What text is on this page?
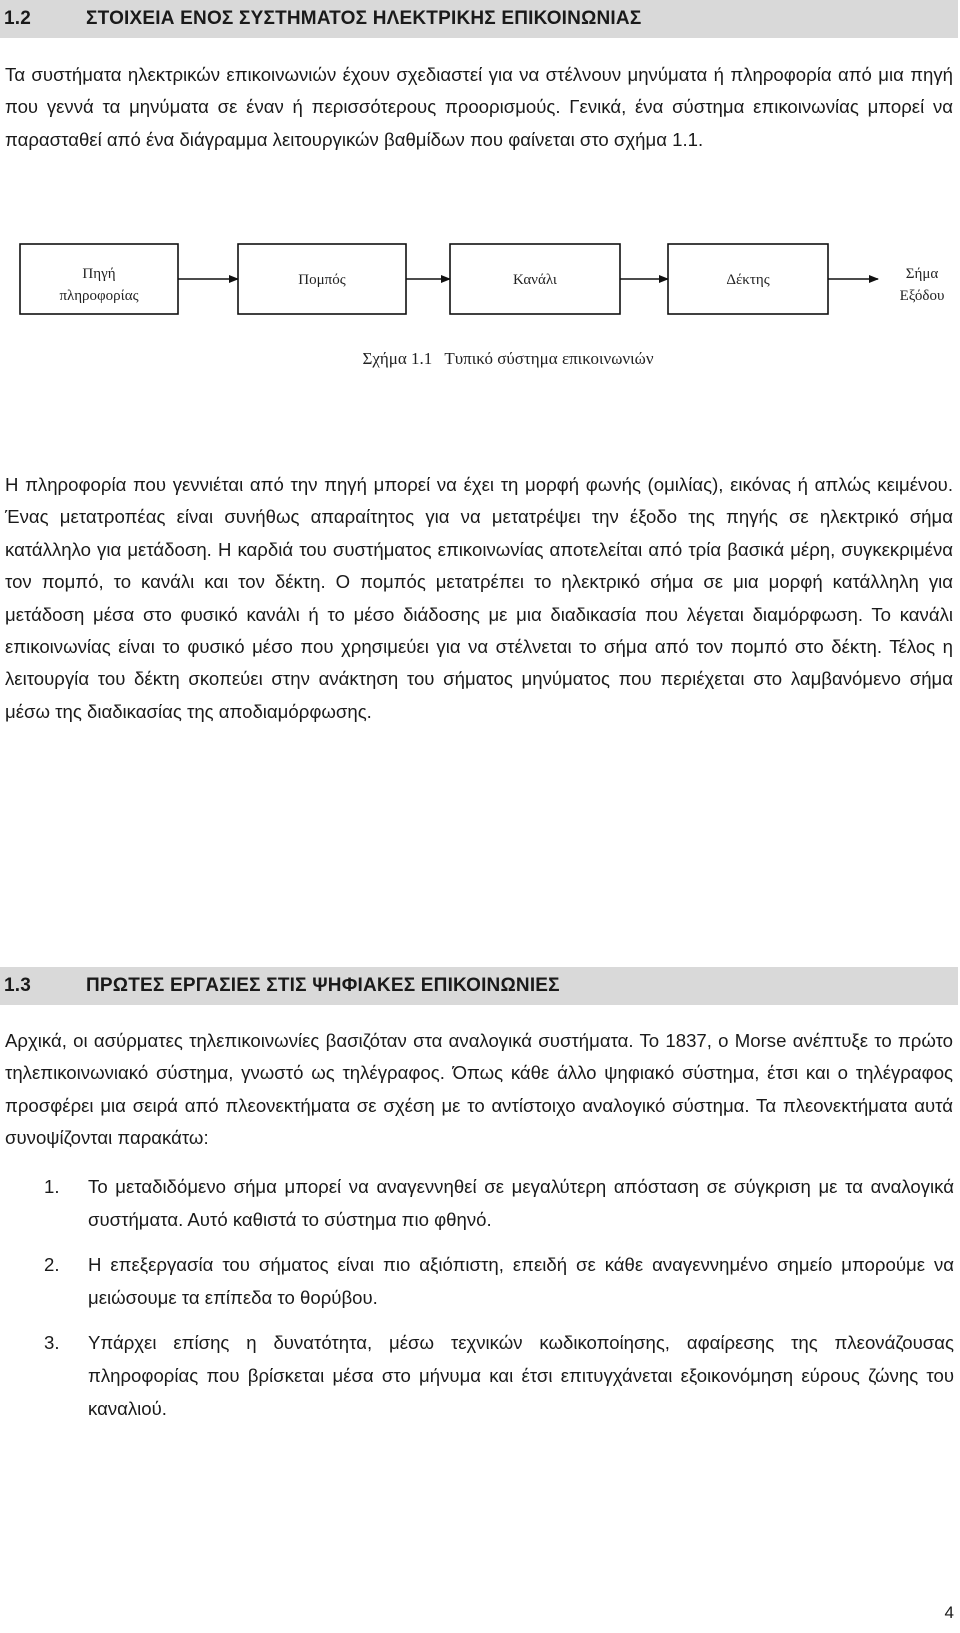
1.2	ΣΤΟΙΧΕΙΑ ΕΝΟΣ ΣΥΣΤΗΜΑΤΟΣ ΗΛΕΚΤΡΙΚΗΣ ΕΠΙΚΟΙΝΩΝΙΑΣ

Τα συστήματα ηλεκτρικών επικοινωνιών έχουν σχεδιαστεί για να στέλνουν μηνύματα ή πληροφορία από μια πηγή που γεννά τα μηνύματα σε έναν ή περισσότερους προορισμούς. Γενικά, ένα σύστημα επικοινωνίας μπορεί να παρασταθεί από ένα διάγραμμα λειτουργικών βαθμίδων που φαίνεται στο σχήμα 1.1.

Πηγή
πληροφορίας
Πομπός	Κανάλι	Δέκτης	Σήμα
Εξόδου
Σχήμα 1.1 Τυπικό σύστημα επικοινωνιών

Η πληροφορία που γεννιέται από την πηγή μπορεί να έχει τη μορφή φωνής (ομιλίας), εικόνας ή απλώς κειμένου. Ένας μετατροπέας είναι συνήθως απαραίτητος για να μετατρέψει την έξοδο της πηγής σε ηλεκτρικό σήμα κατάλληλο για μετάδοση. Η καρδιά του συστήματος επικοινωνίας αποτελείται από τρία βασικά μέρη, συγκεκριμένα τον πομπό, το κανάλι και τον δέκτη. Ο πομπός μετατρέπει το ηλεκτρικό σήμα σε μια μορφή κατάλληλη για μετάδοση μέσα στο φυσικό κανάλι ή το μέσο διάδοσης με μια διαδικασία που λέγεται διαμόρφωση. Το κανάλι επικοινωνίας είναι το φυσικό μέσο που χρησιμεύει για να στέλνεται το σήμα από τον πομπό στο δέκτη. Τέλος η λειτουργία του δέκτη σκοπεύει στην ανάκτηση του σήματος μηνύματος που περιέχεται στο λαμβανόμενο σήμα μέσω της διαδικασίας της αποδιαμόρφωσης.

1.3	ΠΡΩΤΕΣ ΕΡΓΑΣΙΕΣ ΣΤΙΣ ΨΗΦΙΑΚΕΣ ΕΠΙΚΟΙΝΩΝΙΕΣ

Αρχικά, οι ασύρματες τηλεπικοινωνίες βασιζόταν στα αναλογικά συστήματα. Το 1837, ο Morse ανέπτυξε το πρώτο τηλεπικοινωνιακό σύστημα, γνωστό ως τηλέγραφος. Όπως κάθε άλλο ψηφιακό σύστημα, έτσι και ο τηλέγραφος προσφέρει μια σειρά από πλεονεκτήματα σε σχέση με το αντίστοιχο αναλογικό σύστημα. Τα πλεονεκτήματα αυτά συνοψίζονται παρακάτω:

1. Το μεταδιδόμενο σήμα μπορεί να αναγεννηθεί σε μεγαλύτερη απόσταση σε σύγκριση με τα αναλογικά συστήματα. Αυτό καθιστά το σύστημα πιο φθηνό.

2. Η επεξεργασία του σήματος είναι πιο αξιόπιστη, επειδή σε κάθε αναγεννημένο σημείο μπορούμε να μειώσουμε τα επίπεδα το θορύβου.

3. Υπάρχει επίσης η δυνατότητα, μέσω τεχνικών κωδικοποίησης, αφαίρεσης της πλεονάζουσας πληροφορίας που βρίσκεται μέσα στο μήνυμα και έτσι επιτυγχάνεται εξοικονόμηση εύρους ζώνης του καναλιού.

4
